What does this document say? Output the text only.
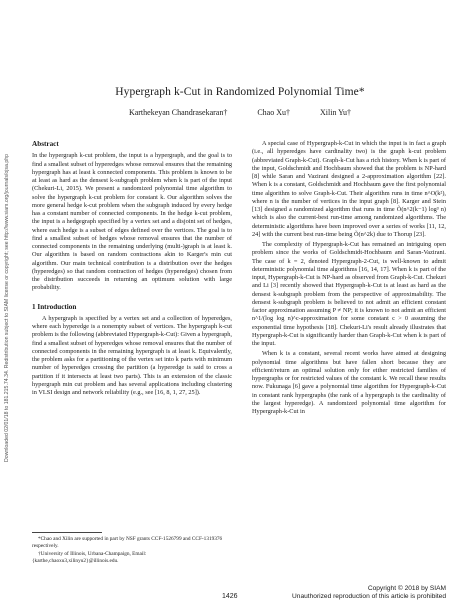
Downloaded 02/01/18 to 181.215.74.34. Redistribution subject to SIAM license or copyright; see http://www.siam.org/journals/ojsa.php
Hypergraph k-Cut in Randomized Polynomial Time*
Karthekeyan Chandrasekaran†	Chao Xu†	Xilin Yu†
Abstract

In the hypergraph k-cut problem, the input is a hypergraph, and the goal is to find a smallest subset of hyperedges whose removal ensures that the remaining hypergraph has at least k connected components. This problem is known to be at least as hard as the densest k-subgraph problem when k is part of the input (Chekuri-Li, 2015). We present a randomized polynomial time algorithm to solve the hypergraph k-cut problem for constant k. Our algorithm solves the more general hedge k-cut problem when the subgraph induced by every hedge has a constant number of connected components. In the hedge k-cut problem, the input is a hedgegraph specified by a vertex set and a disjoint set of hedges, where each hedge is a subset of edges defined over the vertices. The goal is to find a smallest subset of hedges whose removal ensures that the number of connected components in the remaining underlying (multi-)graph is at least k. Our algorithm is based on random contractions akin to Karger's min cut algorithm. Our main technical contribution is a distribution over the hedges (hyperedges) so that random contraction of hedges (hyperedges) chosen from the distribution succeeds in returning an optimum solution with large probability.

1 Introduction

A hypergraph is specified by a vertex set and a collection of hyperedges, where each hyperedge is a nonempty subset of vertices. The hypergraph k-cut problem is the following (abbreviated Hypergraph-k-Cut): Given a hypergraph, find a smallest subset of hyperedges whose removal ensures that the number of connected components in the remaining hypergraph is at least k. Equivalently, the problem asks for a partitioning of the vertex set into k parts with minimum number of hyperedges crossing the partition (a hyperedge is said to cross a partition if it intersects at least two parts). This is an extension of the classic hypergraph min cut problem and has several applications including clustering in VLSI design and network reliability (e.g., see [16, 8, 1, 27, 25]).

*Chao and Xilin are supported in part by NSF grants CCF-1526799 and CCF-1319376 respectively.

†University of Illinois, Urbana-Champaign, Email: {karthe,chaoxu3,xilinyu2}@illinois.edu.

A special case of Hypergraph-k-Cut in which the input is in fact a graph (i.e., all hyperedges have cardinality two) is the graph k-cut problem (abbreviated Graph-k-Cut). Graph-k-Cut has a rich history. When k is part of the input, Goldschmidt and Hochbaum showed that the problem is NP-hard [8] while Saran and Vazirani designed a 2-approximation algorithm [22]. When k is a constant, Goldschmidt and Hochbaum gave the first polynomial time algorithm to solve Graph-k-Cut. Their algorithm runs in time n^O(k²), where n is the number of vertices in the input graph [8]. Karger and Stein [13] designed a randomized algorithm that runs in time Õ(n^2(k−1) log³ n) which is also the current-best run-time among randomized algorithms. The deterministic algorithms have been improved over a series of works [11, 12, 24] with the current best run-time being Õ(n^2k) due to Thorup [23].

The complexity of Hypergraph-k-Cut has remained an intriguing open problem since the works of Goldschmidt-Hochbaum and Saran-Vazirani. The case of k = 2, denoted Hypergraph-2-Cut, is well-known to admit deterministic polynomial time algorithms [16, 14, 17]. When k is part of the input, Hypergraph-k-Cut is NP-hard as observed from Graph-k-Cut. Chekuri and Li [3] recently showed that Hypergraph-k-Cut is at least as hard as the densest k-subgraph problem from the perspective of approximability. The densest k-subgraph problem is believed to not admit an efficient constant factor approximation assuming P ≠ NP; it is known to not admit an efficient n^1/(log log n)^c-approximation for some constant c > 0 assuming the exponential time hypothesis [18]. Chekuri-Li's result already illustrates that Hypergraph-k-Cut is significantly harder than Graph-k-Cut when k is part of the input.

When k is a constant, several recent works have aimed at designing polynomial time algorithms but have fallen short because they are efficient/return an optimal solution only for either restricted families of hypergraphs or for restricted values of the constant k. We recall these results now. Fukunaga [6] gave a polynomial time algorithm for Hypergraph-k-Cut in constant rank hypergraphs (the rank of a hypergraph is the cardinality of the largest hyperedge). A randomized polynomial time algorithm for Hypergraph-k-Cut in

1426
Copyright © 2018 by SIAM
Unauthorized reproduction of this article is prohibited
